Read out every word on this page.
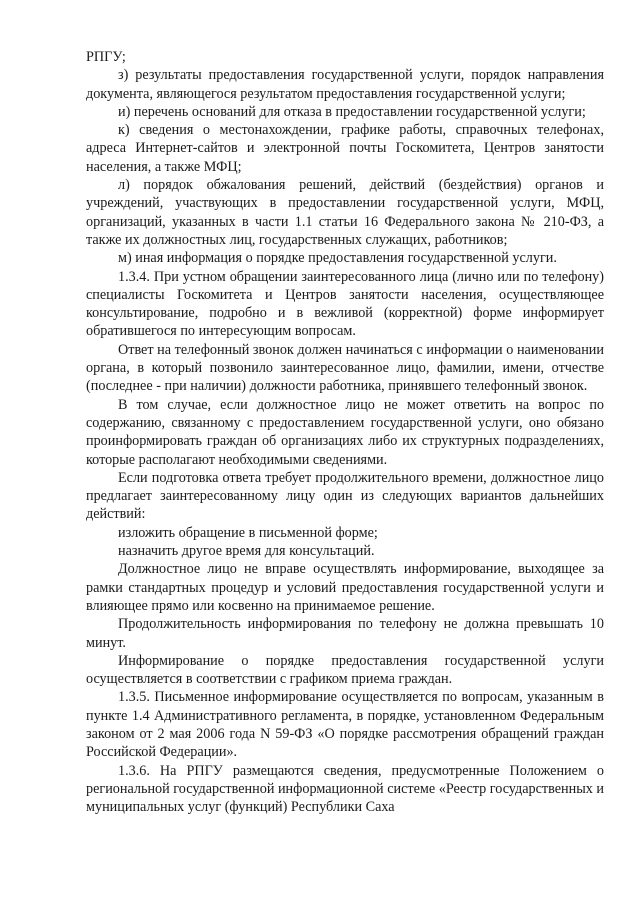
РПГУ;

з) результаты предоставления государственной услуги, порядок направления документа, являющегося результатом предоставления государственной услуги;

и) перечень оснований для отказа в предоставлении государственной услуги;

к) сведения о местонахождении, графике работы, справочных телефонах, адреса Интернет-сайтов и электронной почты Госкомитета, Центров занятости населения, а также МФЦ;

л) порядок обжалования решений, действий (бездействия) органов и учреждений, участвующих в предоставлении государственной услуги, МФЦ, организаций, указанных в части 1.1 статьи 16 Федерального закона № 210-ФЗ, а также их должностных лиц, государственных служащих, работников;

м) иная информация о порядке предоставления государственной услуги.

1.3.4. При устном обращении заинтересованного лица (лично или по телефону) специалисты Госкомитета и Центров занятости населения, осуществляющее консультирование, подробно и в вежливой (корректной) форме информирует обратившегося по интересующим вопросам.

Ответ на телефонный звонок должен начинаться с информации о наименовании органа, в который позвонило заинтересованное лицо, фамилии, имени, отчестве (последнее - при наличии) должности работника, принявшего телефонный звонок.

В том случае, если должностное лицо не может ответить на вопрос по содержанию, связанному с предоставлением государственной услуги, оно обязано проинформировать граждан об организациях либо их структурных подразделениях, которые располагают необходимыми сведениями.

Если подготовка ответа требует продолжительного времени, должностное лицо предлагает заинтересованному лицу один из следующих вариантов дальнейших действий:

изложить обращение в письменной форме;

назначить другое время для консультаций.

Должностное лицо не вправе осуществлять информирование, выходящее за рамки стандартных процедур и условий предоставления государственной услуги и влияющее прямо или косвенно на принимаемое решение.

Продолжительность информирования по телефону не должна превышать 10 минут.

Информирование о порядке предоставления государственной услуги осуществляется в соответствии с графиком приема граждан.

1.3.5. Письменное информирование осуществляется по вопросам, указанным в пункте 1.4 Административного регламента, в порядке, установленном Федеральным законом от 2 мая 2006 года N 59-ФЗ «О порядке рассмотрения обращений граждан Российской Федерации».

1.3.6. На РПГУ размещаются сведения, предусмотренные Положением о региональной государственной информационной системе «Реестр государственных и муниципальных услуг (функций) Республики Саха
